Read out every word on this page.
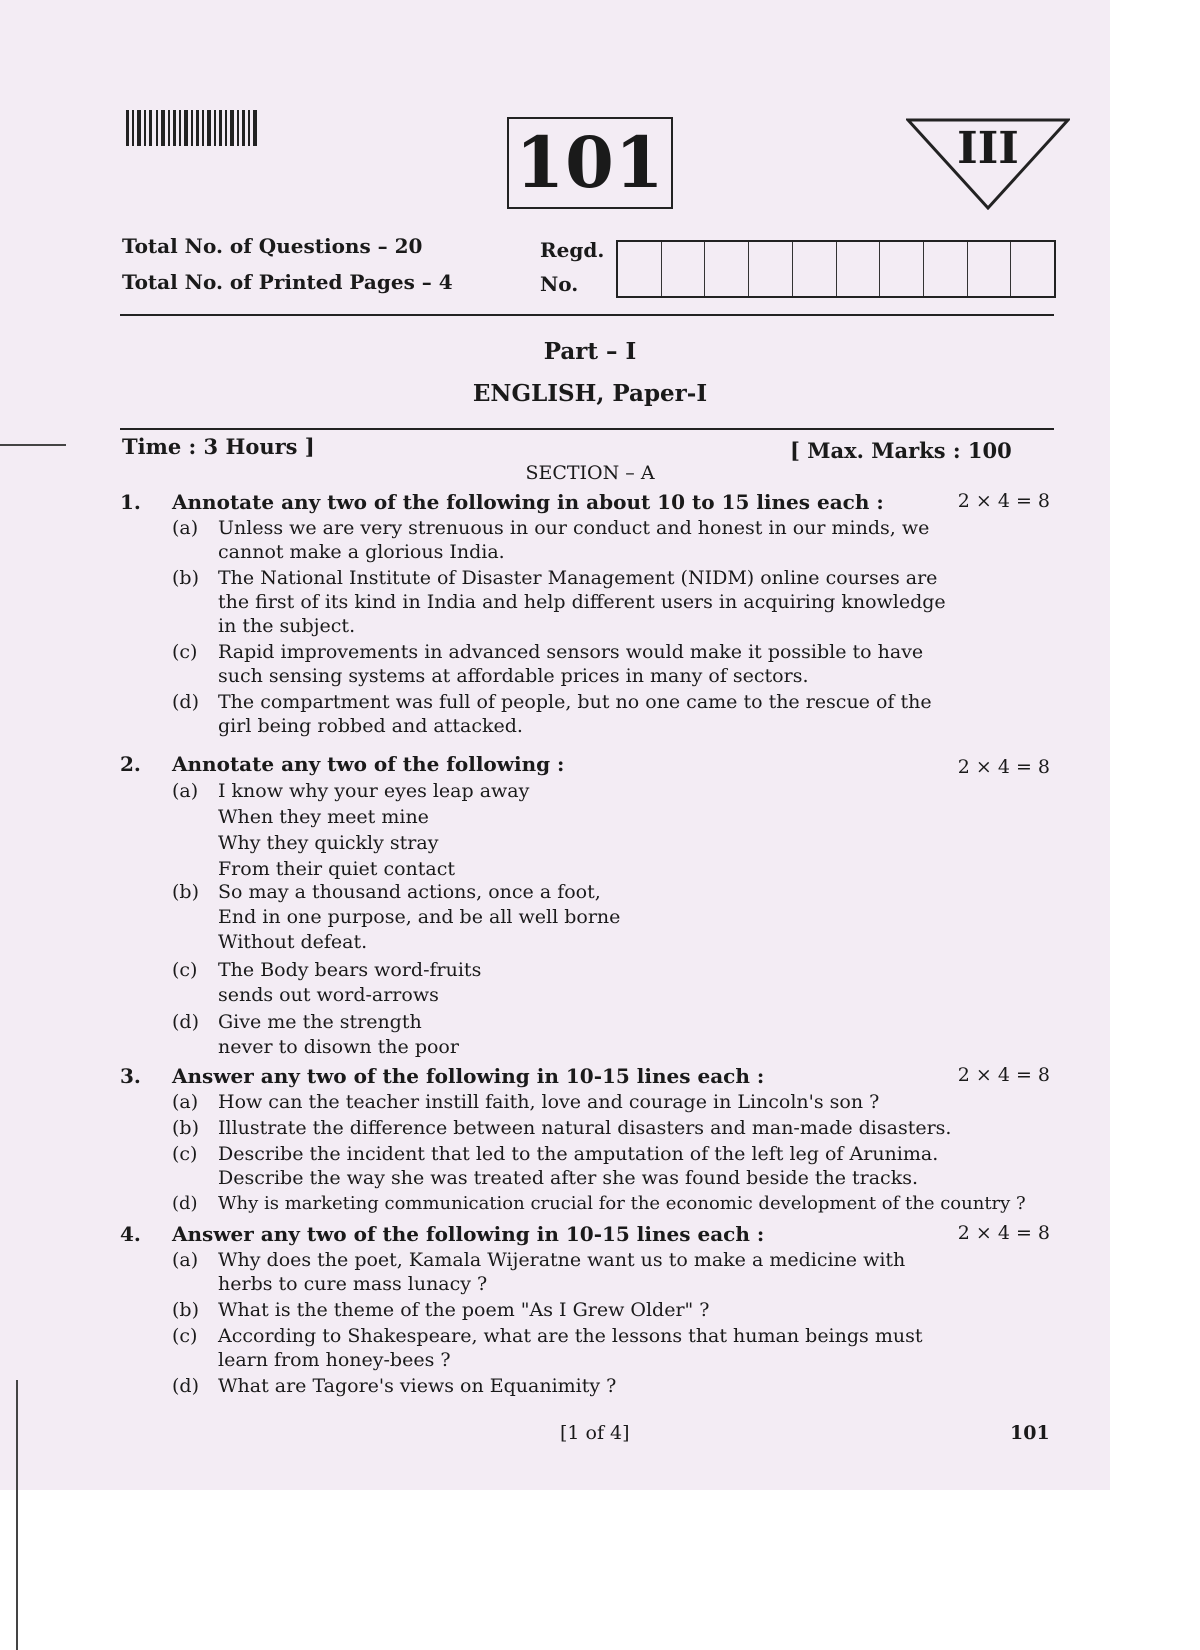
101	III
Total No. of Questions – 20
Total No. of Printed Pages – 4
Regd.
No.
Part – I
ENGLISH, Paper-I
Time : 3 Hours ]	[ Max. Marks : 100
SECTION – A
1. Annotate any two of the following in about 10 to 15 lines each :	2 × 4 = 8
(a) Unless we are very strenuous in our conduct and honest in our minds, we
cannot make a glorious India.
(b) The National Institute of Disaster Management (NIDM) online courses are
the first of its kind in India and help different users in acquiring knowledge
in the subject.
(c) Rapid improvements in advanced sensors would make it possible to have
such sensing systems at affordable prices in many of sectors.
(d) The compartment was full of people, but no one came to the rescue of the
girl being robbed and attacked.
2. Annotate any two of the following :	2 × 4 = 8
(a) I know why your eyes leap away
When they meet mine
Why they quickly stray
From their quiet contact
(b) So may a thousand actions, once a foot,
End in one purpose, and be all well borne
Without defeat.
(c) The Body bears word-fruits
sends out word-arrows
(d) Give me the strength
never to disown the poor
3. Answer any two of the following in 10-15 lines each :	2 × 4 = 8
(a) How can the teacher instill faith, love and courage in Lincoln's son ?
(b) Illustrate the difference between natural disasters and man-made disasters.
(c) Describe the incident that led to the amputation of the left leg of Arunima.
Describe the way she was treated after she was found beside the tracks.
(d) Why is marketing communication crucial for the economic development of the country ?
4. Answer any two of the following in 10-15 lines each :	2 × 4 = 8
(a) Why does the poet, Kamala Wijeratne want us to make a medicine with
herbs to cure mass lunacy ?
(b) What is the theme of the poem "As I Grew Older" ?
(c) According to Shakespeare, what are the lessons that human beings must
learn from honey-bees ?
(d) What are Tagore's views on Equanimity ?
[1 of 4]	101
